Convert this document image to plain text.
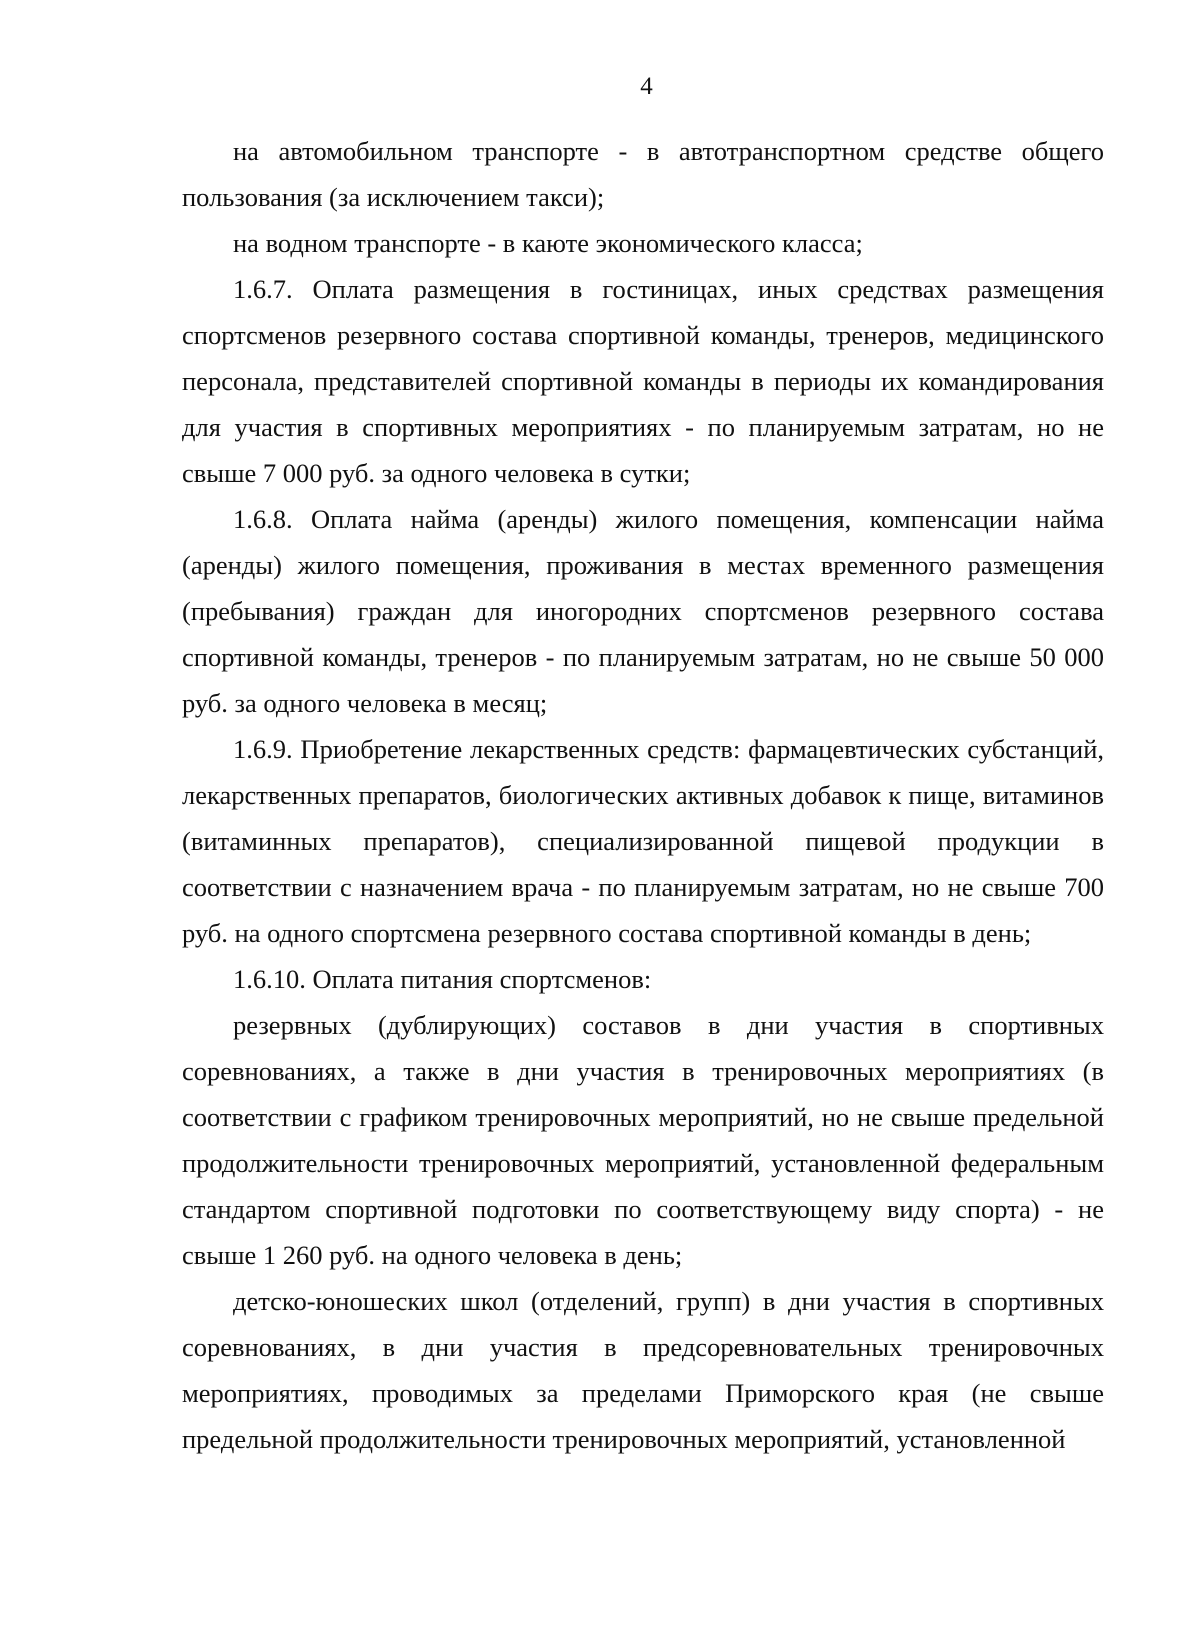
4

на автомобильном транспорте - в автотранспортном средстве общего пользования (за исключением такси);

на водном транспорте - в каюте экономического класса;

1.6.7. Оплата размещения в гостиницах, иных средствах размещения спортсменов резервного состава спортивной команды, тренеров, медицинского персонала, представителей спортивной команды в периоды их командирования для участия в спортивных мероприятиях - по планируемым затратам, но не свыше 7 000 руб. за одного человека в сутки;

1.6.8. Оплата найма (аренды) жилого помещения, компенсации найма (аренды) жилого помещения, проживания в местах временного размещения (пребывания) граждан для иногородних спортсменов резервного состава спортивной команды, тренеров - по планируемым затратам, но не свыше 50 000 руб. за одного человека в месяц;

1.6.9. Приобретение лекарственных средств: фармацевтических субстанций, лекарственных препаратов, биологических активных добавок к пище, витаминов (витаминных препаратов), специализированной пищевой продукции в соответствии с назначением врача - по планируемым затратам, но не свыше 700 руб. на одного спортсмена резервного состава спортивной команды в день;

1.6.10. Оплата питания спортсменов:

резервных (дублирующих) составов в дни участия в спортивных соревнованиях, а также в дни участия в тренировочных мероприятиях (в соответствии с графиком тренировочных мероприятий, но не свыше предельной продолжительности тренировочных мероприятий, установленной федеральным стандартом спортивной подготовки по соответствующему виду спорта) - не свыше 1 260 руб. на одного человека в день;

детско-юношеских школ (отделений, групп) в дни участия в спортивных соревнованиях, в дни участия в предсоревновательных тренировочных мероприятиях, проводимых за пределами Приморского края (не свыше предельной продолжительности тренировочных мероприятий, установленной
